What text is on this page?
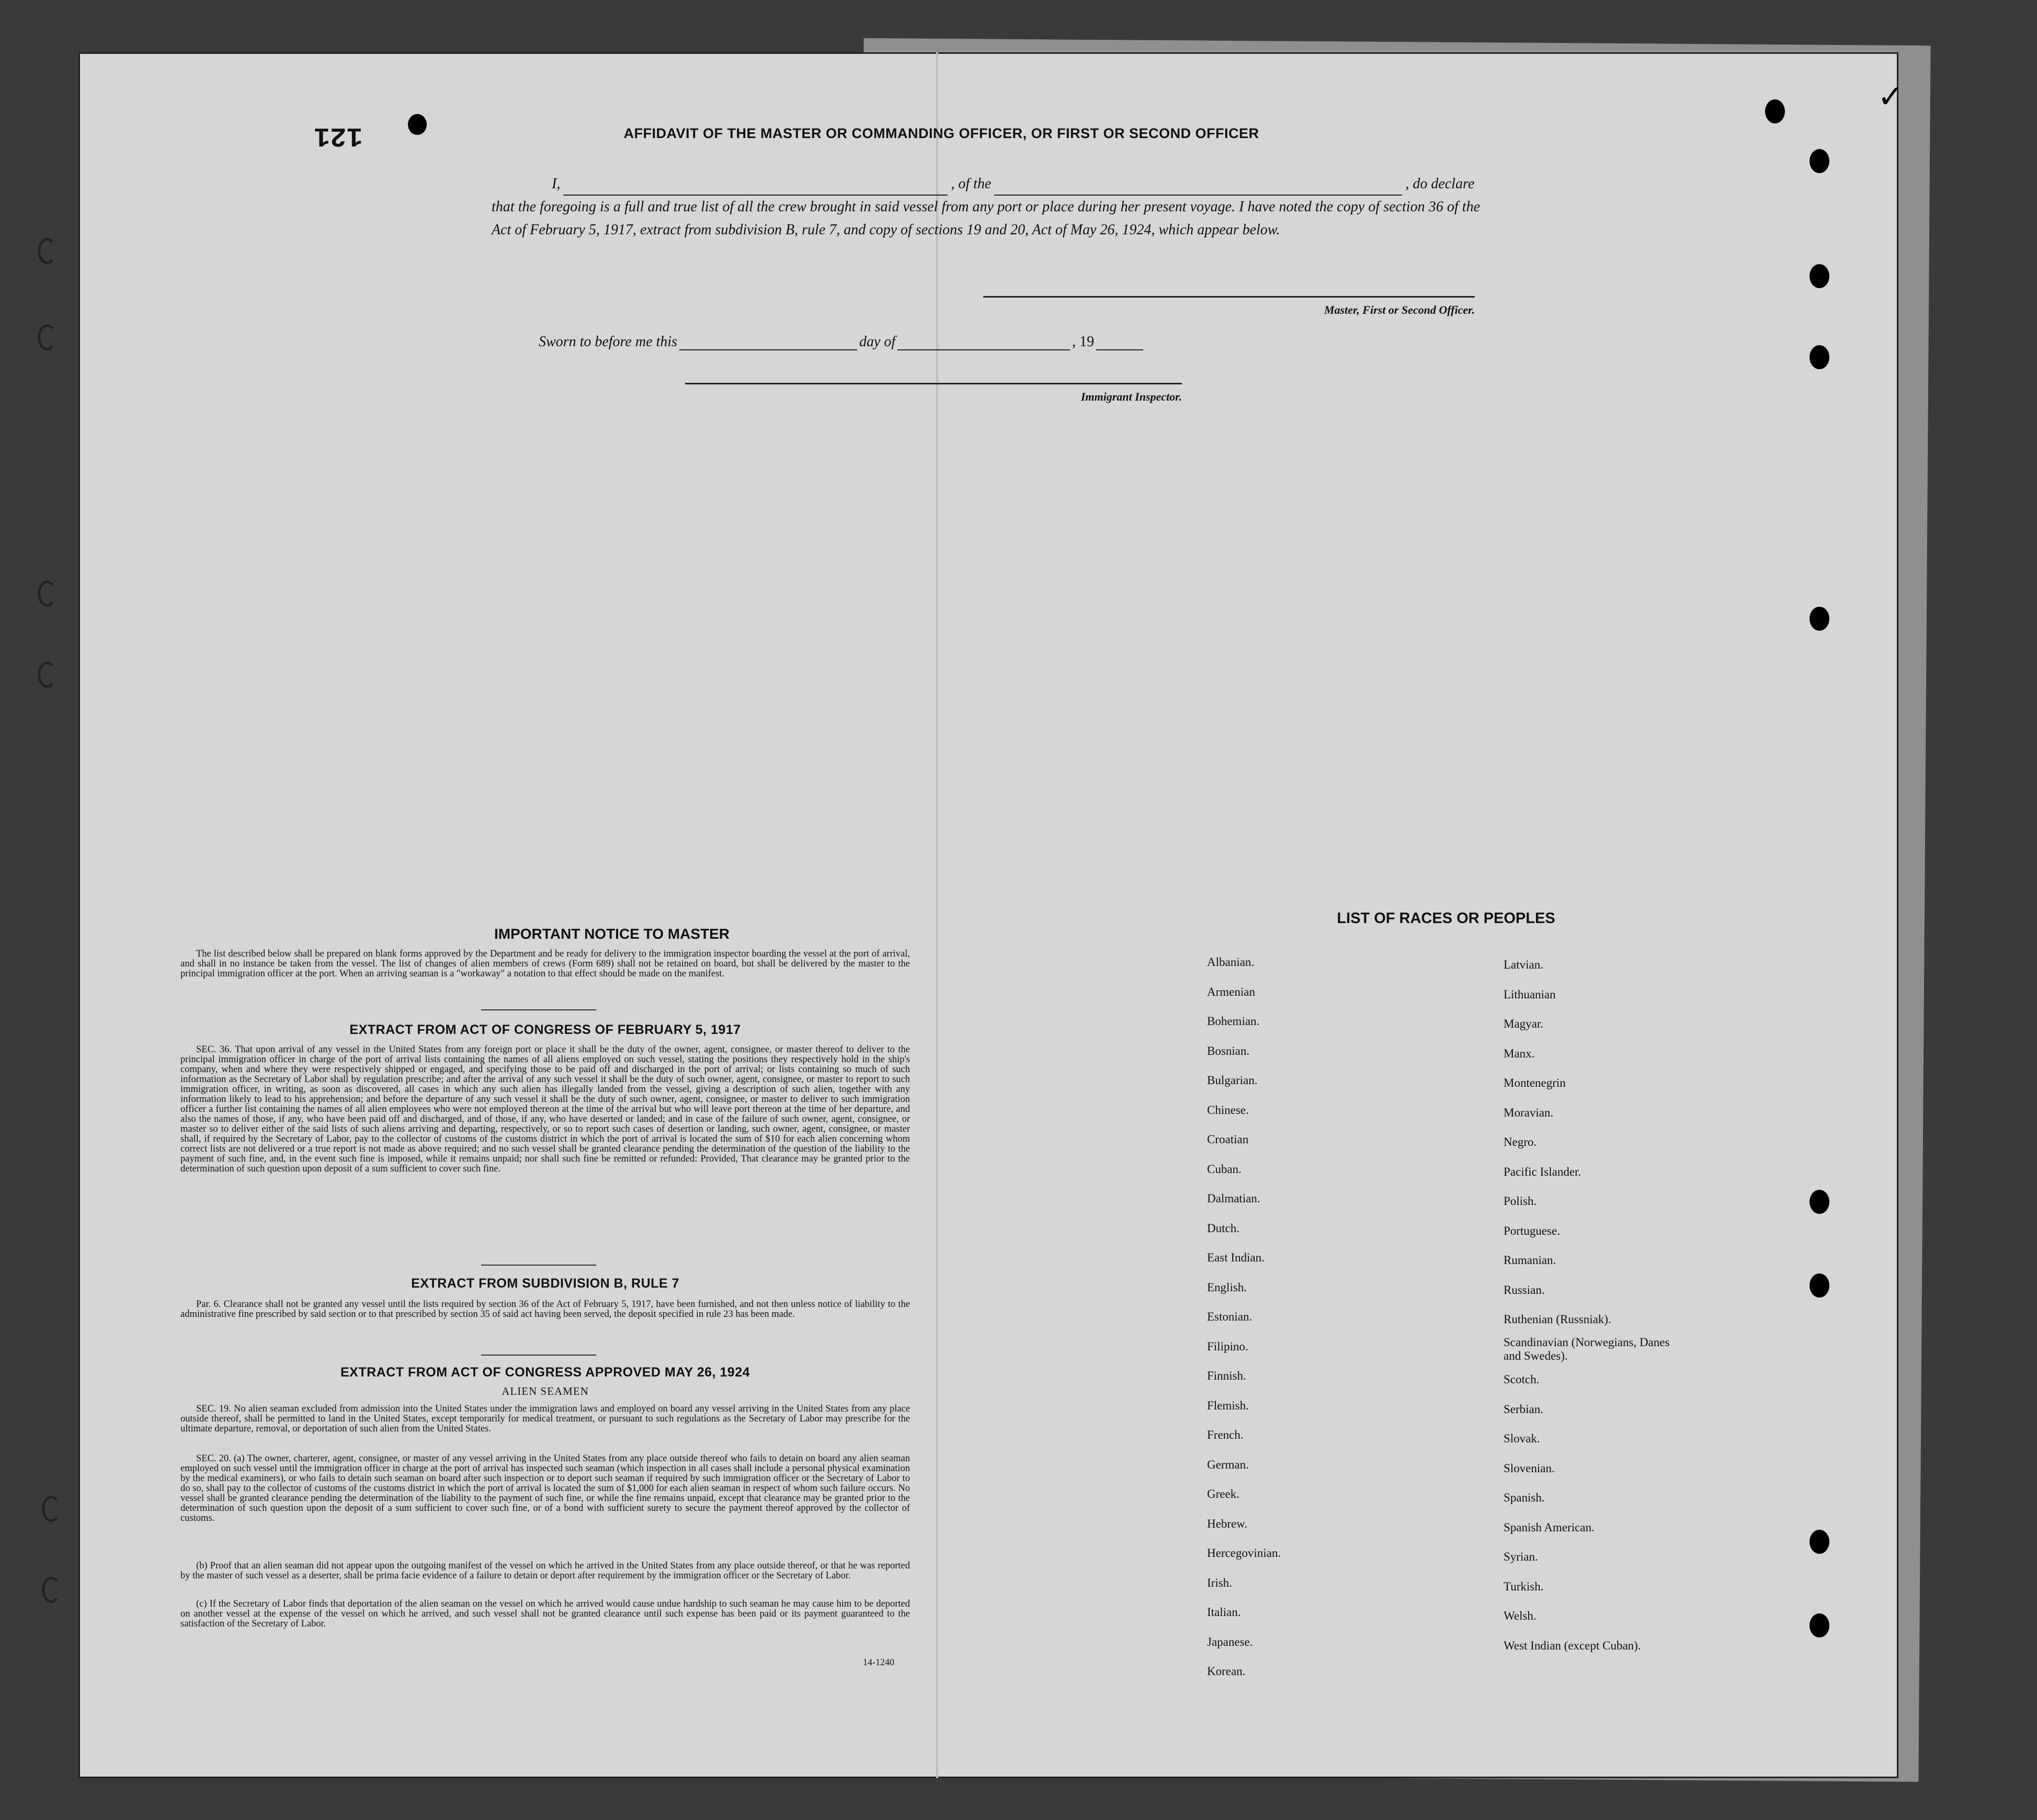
121
✓
AFFIDAVIT OF THE MASTER OR COMMANDING OFFICER, OR FIRST OR SECOND OFFICER
I,	, of the	, do declare
that the foregoing is a full and true list of all the crew brought in said vessel from any port or place during her present voyage. I have noted the copy of section 36 of the Act of February 5, 1917, extract from subdivision B, rule 7, and copy of sections 19 and 20, Act of May 26, 1924, which appear below.
Master, First or Second Officer.
Sworn to before me this	day of	, 19
Immigrant Inspector.
IMPORTANT NOTICE TO MASTER
The list described below shall be prepared on blank forms approved by the Department and be ready for delivery to the immigration inspector boarding the vessel at the port of arrival, and shall in no instance be taken from the vessel. The list of changes of alien members of crews (Form 689) shall not be retained on board, but shall be delivered by the master to the principal immigration officer at the port. When an arriving seaman is a "workaway" a notation to that effect should be made on the manifest.
EXTRACT FROM ACT OF CONGRESS OF FEBRUARY 5, 1917
SEC. 36. That upon arrival of any vessel in the United States from any foreign port or place it shall be the duty of the owner, agent, consignee, or master thereof to deliver to the principal immigration officer in charge of the port of arrival lists containing the names of all aliens employed on such vessel, stating the positions they respectively hold in the ship's company, when and where they were respectively shipped or engaged, and specifying those to be paid off and discharged in the port of arrival; or lists containing so much of such information as the Secretary of Labor shall by regulation prescribe; and after the arrival of any such vessel it shall be the duty of such owner, agent, consignee, or master to report to such immigration officer, in writing, as soon as discovered, all cases in which any such alien has illegally landed from the vessel, giving a description of such alien, together with any information likely to lead to his apprehension; and before the departure of any such vessel it shall be the duty of such owner, agent, consignee, or master to deliver to such immigration officer a further list containing the names of all alien employees who were not employed thereon at the time of the arrival but who will leave port thereon at the time of her departure, and also the names of those, if any, who have been paid off and discharged, and of those, if any, who have deserted or landed; and in case of the failure of such owner, agent, consignee, or master so to deliver either of the said lists of such aliens arriving and departing, respectively, or so to report such cases of desertion or landing, such owner, agent, consignee, or master shall, if required by the Secretary of Labor, pay to the collector of customs of the customs district in which the port of arrival is located the sum of $10 for each alien concerning whom correct lists are not delivered or a true report is not made as above required; and no such vessel shall be granted clearance pending the determination of the question of the liability to the payment of such fine, and, in the event such fine is imposed, while it remains unpaid; nor shall such fine be remitted or refunded: Provided, That clearance may be granted prior to the determination of such question upon deposit of a sum sufficient to cover such fine.
EXTRACT FROM SUBDIVISION B, RULE 7
Par. 6. Clearance shall not be granted any vessel until the lists required by section 36 of the Act of February 5, 1917, have been furnished, and not then unless notice of liability to the administrative fine prescribed by said section or to that prescribed by section 35 of said act having been served, the deposit specified in rule 23 has been made.
EXTRACT FROM ACT OF CONGRESS APPROVED MAY 26, 1924
ALIEN SEAMEN
SEC. 19. No alien seaman excluded from admission into the United States under the immigration laws and employed on board any vessel arriving in the United States from any place outside thereof, shall be permitted to land in the United States, except temporarily for medical treatment, or pursuant to such regulations as the Secretary of Labor may prescribe for the ultimate departure, removal, or deportation of such alien from the United States.
SEC. 20. (a) The owner, charterer, agent, consignee, or master of any vessel arriving in the United States from any place outside thereof who fails to detain on board any alien seaman employed on such vessel until the immigration officer in charge at the port of arrival has inspected such seaman (which inspection in all cases shall include a personal physical examination by the medical examiners), or who fails to detain such seaman on board after such inspection or to deport such seaman if required by such immigration officer or the Secretary of Labor to do so, shall pay to the collector of customs of the customs district in which the port of arrival is located the sum of $1,000 for each alien seaman in respect of whom such failure occurs. No vessel shall be granted clearance pending the determination of the liability to the payment of such fine, or while the fine remains unpaid, except that clearance may be granted prior to the determination of such question upon the deposit of a sum sufficient to cover such fine, or of a bond with sufficient surety to secure the payment thereof approved by the collector of customs.
(b) Proof that an alien seaman did not appear upon the outgoing manifest of the vessel on which he arrived in the United States from any place outside thereof, or that he was reported by the master of such vessel as a deserter, shall be prima facie evidence of a failure to detain or deport after requirement by the immigration officer or the Secretary of Labor.
(c) If the Secretary of Labor finds that deportation of the alien seaman on the vessel on which he arrived would cause undue hardship to such seaman he may cause him to be deported on another vessel at the expense of the vessel on which he arrived, and such vessel shall not be granted clearance until such expense has been paid or its payment guaranteed to the satisfaction of the Secretary of Labor.
14-1240
LIST OF RACES OR PEOPLES
Albanian.
Armenian
Bohemian.
Bosnian.
Bulgarian.
Chinese.
Croatian
Cuban.
Dalmatian.
Dutch.
East Indian.
English.
Estonian.
Filipino.
Finnish.
Flemish.
French.
German.
Greek.
Hebrew.
Hercegovinian.
Irish.
Italian.
Japanese.
Korean.
Latvian.
Lithuanian
Magyar.
Manx.
Montenegrin
Moravian.
Negro.
Pacific Islander.
Polish.
Portuguese.
Rumanian.
Russian.
Ruthenian (Russniak).
Scandinavian (Norwegians, Danes and Swedes).
Scotch.
Serbian.
Slovak.
Slovenian.
Spanish.
Spanish American.
Syrian.
Turkish.
Welsh.
West Indian (except Cuban).
